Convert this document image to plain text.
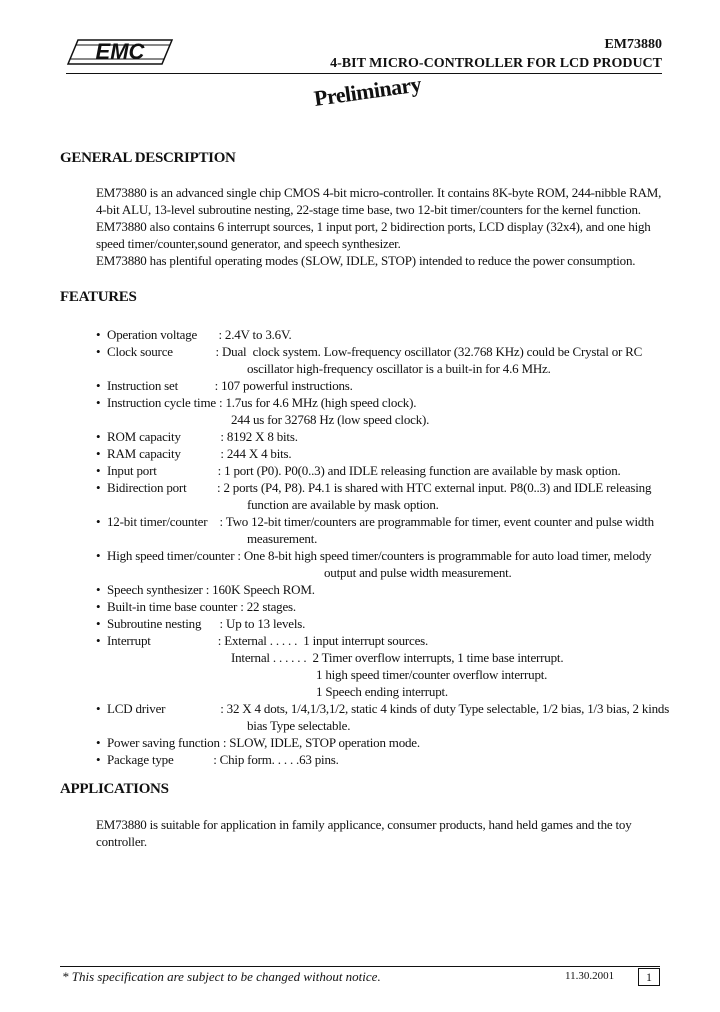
EMC	EM73880
4-BIT MICRO-CONTROLLER FOR LCD PRODUCT
Preliminary
GENERAL DESCRIPTION

EM73880 is an advanced single chip CMOS 4-bit micro-controller. It contains 8K-byte ROM, 244-nibble RAM, 4-bit ALU, 13-level subroutine nesting, 22-stage time base, two 12-bit timer/counters for the kernel function. EM73880 also contains 6 interrupt sources, 1 input port, 2 bidirection ports, LCD display (32x4), and one high speed timer/counter,sound generator, and speech synthesizer.

EM73880 has plentiful operating modes (SLOW, IDLE, STOP) intended to reduce the power consumption.

FEATURES
• Operation voltage       : 2.4V to 3.6V.
• Clock source              : Dual  clock system. Low-frequency oscillator (32.768 KHz) could be Crystal or RC
oscillator high-frequency oscillator is a built-in for 4.6 MHz.
• Instruction set            : 107 powerful instructions.
• Instruction cycle time : 1.7us for 4.6 MHz (high speed clock).
244 us for 32768 Hz (low speed clock).
• ROM capacity             : 8192 X 8 bits.
• RAM capacity             : 244 X 4 bits.
• Input port                    : 1 port (P0). P0(0..3) and IDLE releasing function are available by mask option.
• Bidirection port          : 2 ports (P4, P8). P4.1 is shared with HTC external input. P8(0..3) and IDLE releasing
function are available by mask option.
• 12-bit timer/counter    : Two 12-bit timer/counters are programmable for timer, event counter and pulse width
measurement.
• High speed timer/counter : One 8-bit high speed timer/counters is programmable for auto load timer, melody
output and pulse width measurement.
• Speech synthesizer : 160K Speech ROM.
• Built-in time base counter : 22 stages.
• Subroutine nesting      : Up to 13 levels.
• Interrupt                      : External . . . . .  1 input interrupt sources.
Internal . . . . . .  2 Timer overflow interrupts, 1 time base interrupt.
1 high speed timer/counter overflow interrupt.
1 Speech ending interrupt.
• LCD driver                  : 32 X 4 dots, 1/4,1/3,1/2, static 4 kinds of duty Type selectable, 1/2 bias, 1/3 bias, 2 kinds
bias Type selectable.
• Power saving function : SLOW, IDLE, STOP operation mode.
• Package type             : Chip form. . . . .63 pins.
APPLICATIONS

EM73880 is suitable for application in family applicance, consumer products, hand held games and the toy controller.

* This specification are subject to be changed without notice.	11.30.2001	1
